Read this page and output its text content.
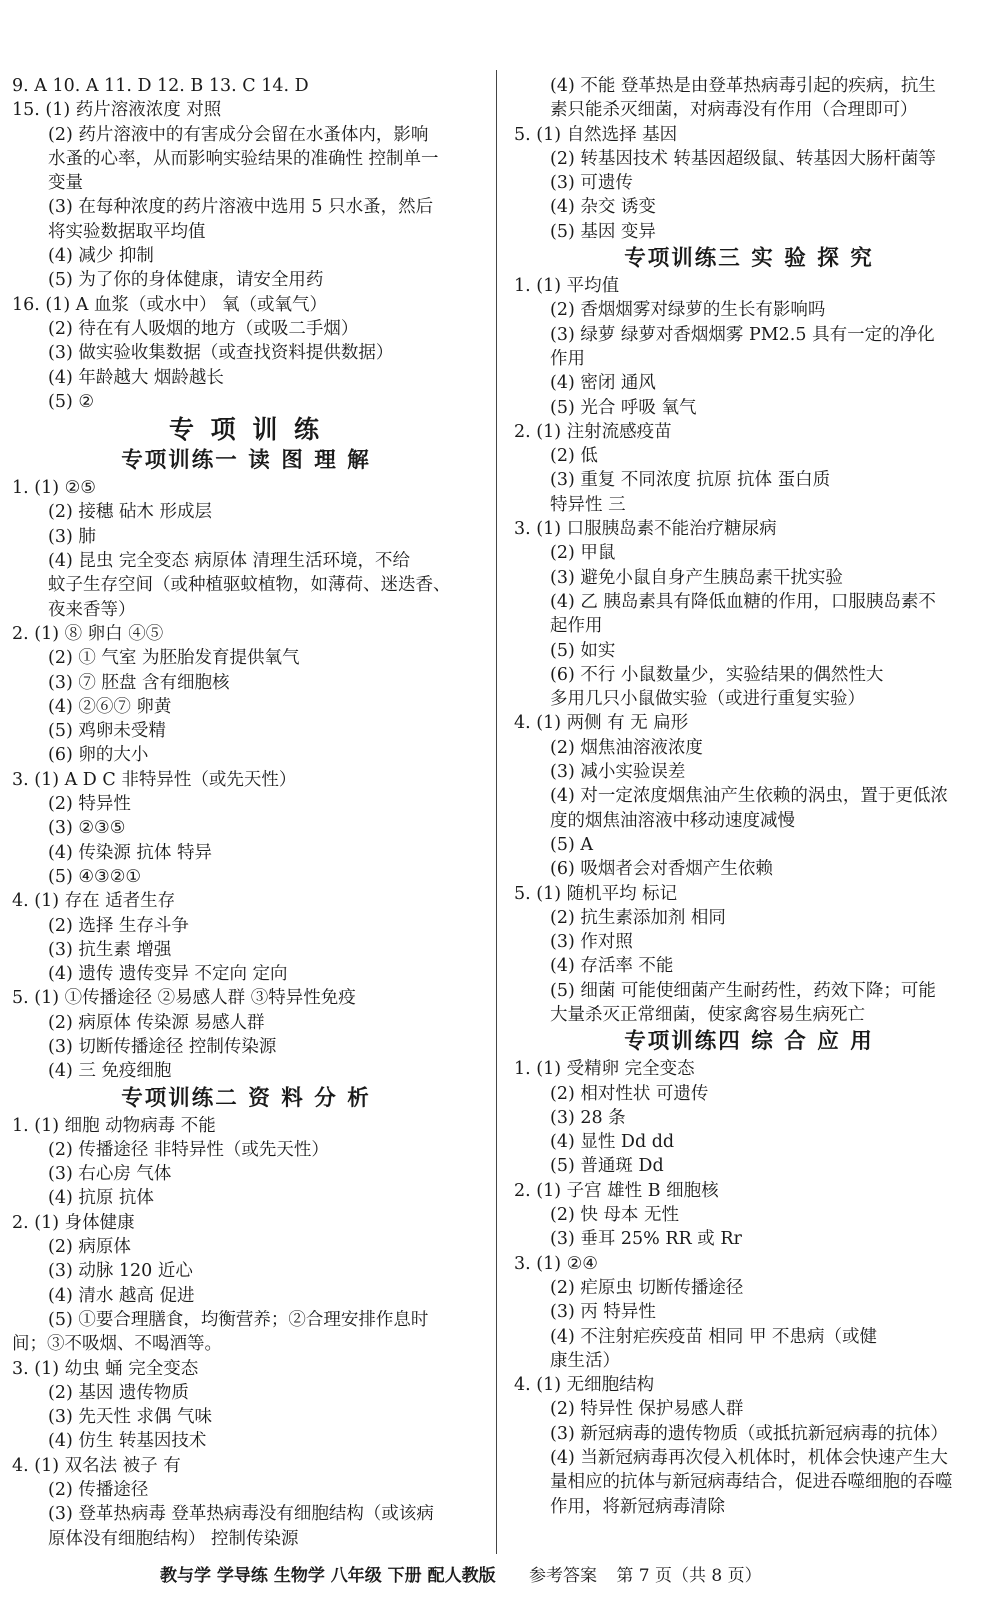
9. A 10. A 11. D 12. B 13. C 14. D
15. (1) 药片溶液浓度 对照
(2) 药片溶液中的有害成分会留在水蚤体内，影响
水蚤的心率，从而影响实验结果的准确性 控制单一
变量
(3) 在每种浓度的药片溶液中选用 5 只水蚤，然后
将实验数据取平均值
(4) 减少 抑制
(5) 为了你的身体健康，请安全用药
16. (1) A 血浆（或水中） 氧（或氧气）
(2) 待在有人吸烟的地方（或吸二手烟）
(3) 做实验收集数据（或查找资料提供数据）
(4) 年龄越大 烟龄越长
(5) ②
专 项 训 练
专项训练一 读 图 理 解
1. (1) ②⑤
(2) 接穗 砧木 形成层
(3) 肺
(4) 昆虫 完全变态 病原体 清理生活环境，不给
蚊子生存空间（或种植驱蚊植物，如薄荷、迷迭香、
夜来香等）
2. (1) ⑧ 卵白 ④⑤
(2) ① 气室 为胚胎发育提供氧气
(3) ⑦ 胚盘 含有细胞核
(4) ②⑥⑦ 卵黄
(5) 鸡卵未受精
(6) 卵的大小
3. (1) A D C 非特异性（或先天性）
(2) 特异性
(3) ②③⑤
(4) 传染源 抗体 特异
(5) ④③②①
4. (1) 存在 适者生存
(2) 选择 生存斗争
(3) 抗生素 增强
(4) 遗传 遗传变异 不定向 定向
5. (1) ①传播途径 ②易感人群 ③特异性免疫
(2) 病原体 传染源 易感人群
(3) 切断传播途径 控制传染源
(4) 三 免疫细胞
专项训练二 资 料 分 析
1. (1) 细胞 动物病毒 不能
(2) 传播途径 非特异性（或先天性）
(3) 右心房 气体
(4) 抗原 抗体
2. (1) 身体健康
(2) 病原体
(3) 动脉 120 近心
(4) 清水 越高 促进
(5) ①要合理膳食，均衡营养；②合理安排作息时
间；③不吸烟、不喝酒等。
3. (1) 幼虫 蛹 完全变态
(2) 基因 遗传物质
(3) 先天性 求偶 气味
(4) 仿生 转基因技术
4. (1) 双名法 被子 有
(2) 传播途径
(3) 登革热病毒 登革热病毒没有细胞结构（或该病
原体没有细胞结构） 控制传染源
(4) 不能 登革热是由登革热病毒引起的疾病，抗生
素只能杀灭细菌，对病毒没有作用（合理即可）
5. (1) 自然选择 基因
(2) 转基因技术 转基因超级鼠、转基因大肠杆菌等
(3) 可遗传
(4) 杂交 诱变
(5) 基因 变异
专项训练三 实 验 探 究
1. (1) 平均值
(2) 香烟烟雾对绿萝的生长有影响吗
(3) 绿萝 绿萝对香烟烟雾 PM2.5 具有一定的净化
作用
(4) 密闭 通风
(5) 光合 呼吸 氧气
2. (1) 注射流感疫苗
(2) 低
(3) 重复 不同浓度 抗原 抗体 蛋白质
特异性 三
3. (1) 口服胰岛素不能治疗糖尿病
(2) 甲鼠
(3) 避免小鼠自身产生胰岛素干扰实验
(4) 乙 胰岛素具有降低血糖的作用，口服胰岛素不
起作用
(5) 如实
(6) 不行 小鼠数量少，实验结果的偶然性大
多用几只小鼠做实验（或进行重复实验）
4. (1) 两侧 有 无 扁形
(2) 烟焦油溶液浓度
(3) 减小实验误差
(4) 对一定浓度烟焦油产生依赖的涡虫，置于更低浓
度的烟焦油溶液中移动速度减慢
(5) A
(6) 吸烟者会对香烟产生依赖
5. (1) 随机平均 标记
(2) 抗生素添加剂 相同
(3) 作对照
(4) 存活率 不能
(5) 细菌 可能使细菌产生耐药性，药效下降；可能
大量杀灭正常细菌，使家禽容易生病死亡
专项训练四 综 合 应 用
1. (1) 受精卵 完全变态
(2) 相对性状 可遗传
(3) 28 条
(4) 显性 Dd dd
(5) 普通斑 Dd
2. (1) 子宫 雄性 B 细胞核
(2) 快 母本 无性
(3) 垂耳 25% RR 或 Rr
3. (1) ②④
(2) 疟原虫 切断传播途径
(3) 丙 特异性
(4) 不注射疟疾疫苗 相同 甲 不患病（或健
康生活）
4. (1) 无细胞结构
(2) 特异性 保护易感人群
(3) 新冠病毒的遗传物质（或抵抗新冠病毒的抗体）
(4) 当新冠病毒再次侵入机体时，机体会快速产生大
量相应的抗体与新冠病毒结合，促进吞噬细胞的吞噬
作用，将新冠病毒清除
教与学 学导练 生物学 八年级 下册 配人教版 参考答案 第 7 页（共 8 页）
